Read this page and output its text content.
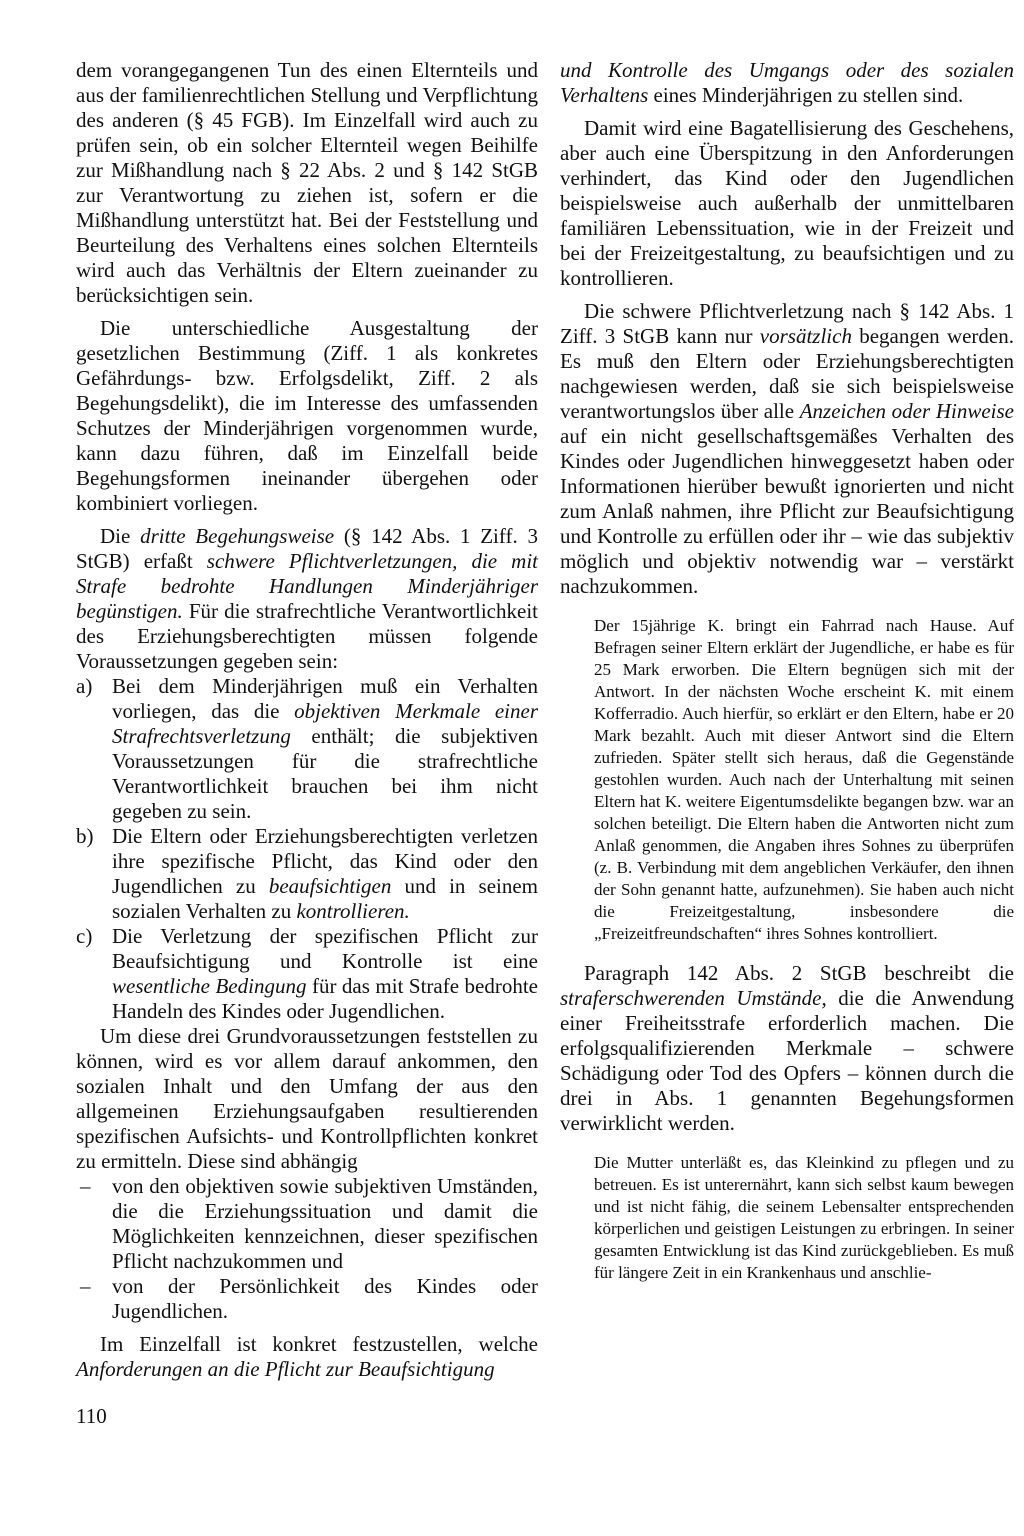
dem vorangegangenen Tun des einen Elternteils und aus der familienrechtlichen Stellung und Verpflichtung des anderen (§ 45 FGB). Im Einzelfall wird auch zu prüfen sein, ob ein solcher Elternteil wegen Beihilfe zur Mißhandlung nach § 22 Abs. 2 und § 142 StGB zur Verantwortung zu ziehen ist, sofern er die Mißhandlung unterstützt hat. Bei der Feststellung und Beurteilung des Verhaltens eines solchen Elternteils wird auch das Verhältnis der Eltern zueinander zu berücksichtigen sein.

Die unterschiedliche Ausgestaltung der gesetzlichen Bestimmung (Ziff. 1 als konkretes Gefährdungs- bzw. Erfolgsdelikt, Ziff. 2 als Begehungsdelikt), die im Interesse des umfassenden Schutzes der Minderjährigen vorgenommen wurde, kann dazu führen, daß im Einzelfall beide Begehungsformen ineinander übergehen oder kombiniert vorliegen.

Die dritte Begehungsweise (§ 142 Abs. 1 Ziff. 3 StGB) erfaßt schwere Pflichtverletzungen, die mit Strafe bedrohte Handlungen Minderjähriger begünstigen. Für die strafrechtliche Verantwortlichkeit des Erziehungsberechtigten müssen folgende Voraussetzungen gegeben sein:

a) Bei dem Minderjährigen muß ein Verhalten vorliegen, das die objektiven Merkmale einer Strafrechtsverletzung enthält; die subjektiven Voraussetzungen für die strafrechtliche Verantwortlichkeit brauchen bei ihm nicht gegeben zu sein.
b) Die Eltern oder Erziehungsberechtigten verletzen ihre spezifische Pflicht, das Kind oder den Jugendlichen zu beaufsichtigen und in seinem sozialen Verhalten zu kontrollieren.
c) Die Verletzung der spezifischen Pflicht zur Beaufsichtigung und Kontrolle ist eine wesentliche Bedingung für das mit Strafe bedrohte Handeln des Kindes oder Jugendlichen.

Um diese drei Grundvoraussetzungen feststellen zu können, wird es vor allem darauf ankommen, den sozialen Inhalt und den Umfang der aus den allgemeinen Erziehungsaufgaben resultierenden spezifischen Aufsichts- und Kontrollpflichten konkret zu ermitteln. Diese sind abhängig

– von den objektiven sowie subjektiven Umständen, die die Erziehungssituation und damit die Möglichkeiten kennzeichnen, dieser spezifischen Pflicht nachzukommen und
– von der Persönlichkeit des Kindes oder Jugendlichen.

Im Einzelfall ist konkret festzustellen, welche Anforderungen an die Pflicht zur Beaufsichtigung

und Kontrolle des Umgangs oder des sozialen Verhaltens eines Minderjährigen zu stellen sind.

Damit wird eine Bagatellisierung des Geschehens, aber auch eine Überspitzung in den Anforderungen verhindert, das Kind oder den Jugendlichen beispielsweise auch außerhalb der unmittelbaren familiären Lebenssituation, wie in der Freizeit und bei der Freizeitgestaltung, zu beaufsichtigen und zu kontrollieren.

Die schwere Pflichtverletzung nach § 142 Abs. 1 Ziff. 3 StGB kann nur vorsätzlich begangen werden. Es muß den Eltern oder Erziehungsberechtigten nachgewiesen werden, daß sie sich beispielsweise verantwortungslos über alle Anzeichen oder Hinweise auf ein nicht gesellschaftsgemäßes Verhalten des Kindes oder Jugendlichen hinweggesetzt haben oder Informationen hierüber bewußt ignorierten und nicht zum Anlaß nahmen, ihre Pflicht zur Beaufsichtigung und Kontrolle zu erfüllen oder ihr – wie das subjektiv möglich und objektiv notwendig war – verstärkt nachzukommen.

Der 15jährige K. bringt ein Fahrrad nach Hause. Auf Befragen seiner Eltern erklärt der Jugendliche, er habe es für 25 Mark erworben. Die Eltern begnügen sich mit der Antwort. In der nächsten Woche erscheint K. mit einem Kofferradio. Auch hierfür, so erklärt er den Eltern, habe er 20 Mark bezahlt. Auch mit dieser Antwort sind die Eltern zufrieden. Später stellt sich heraus, daß die Gegenstände gestohlen wurden. Auch nach der Unterhaltung mit seinen Eltern hat K. weitere Eigentumsdelikte begangen bzw. war an solchen beteiligt. Die Eltern haben die Antworten nicht zum Anlaß genommen, die Angaben ihres Sohnes zu überprüfen (z. B. Verbindung mit dem angeblichen Verkäufer, den ihnen der Sohn genannt hatte, aufzunehmen). Sie haben auch nicht die Freizeitgestaltung, insbesondere die „Freizeitfreundschaften“ ihres Sohnes kontrolliert.

Paragraph 142 Abs. 2 StGB beschreibt die straferschwerenden Umstände, die die Anwendung einer Freiheitsstrafe erforderlich machen. Die erfolgsqualifizierenden Merkmale – schwere Schädigung oder Tod des Opfers – können durch die drei in Abs. 1 genannten Begehungsformen verwirklicht werden.

Die Mutter unterläßt es, das Kleinkind zu pflegen und zu betreuen. Es ist unterernährt, kann sich selbst kaum bewegen und ist nicht fähig, die seinem Lebensalter entsprechenden körperlichen und geistigen Leistungen zu erbringen. In seiner gesamten Entwicklung ist das Kind zurückgeblieben. Es muß für längere Zeit in ein Krankenhaus und anschlie-

110
